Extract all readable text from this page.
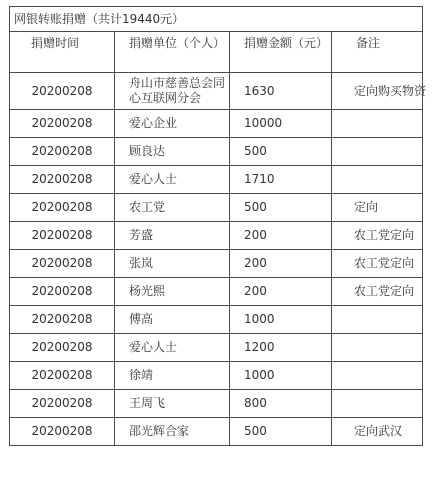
网银转账捐赠（共计19440元）			
捐赠时间	捐赠单位（个人）	捐赠金额（元）	备注
20200208	舟山市慈善总会同心互联网分会	1630	定向购买物资
20200208	爱心企业	10000	
20200208	顾良达	500	
20200208	爱心人士	1710	
20200208	农工党	500	定向
20200208	芳盛	200	农工党定向
20200208	张岚	200	农工党定向
20200208	杨光熙	200	农工党定向
20200208	傅高	1000	
20200208	爱心人士	1200	
20200208	徐靖	1000	
20200208	王周飞	800	
20200208	邵光辉合家	500	定向武汉
